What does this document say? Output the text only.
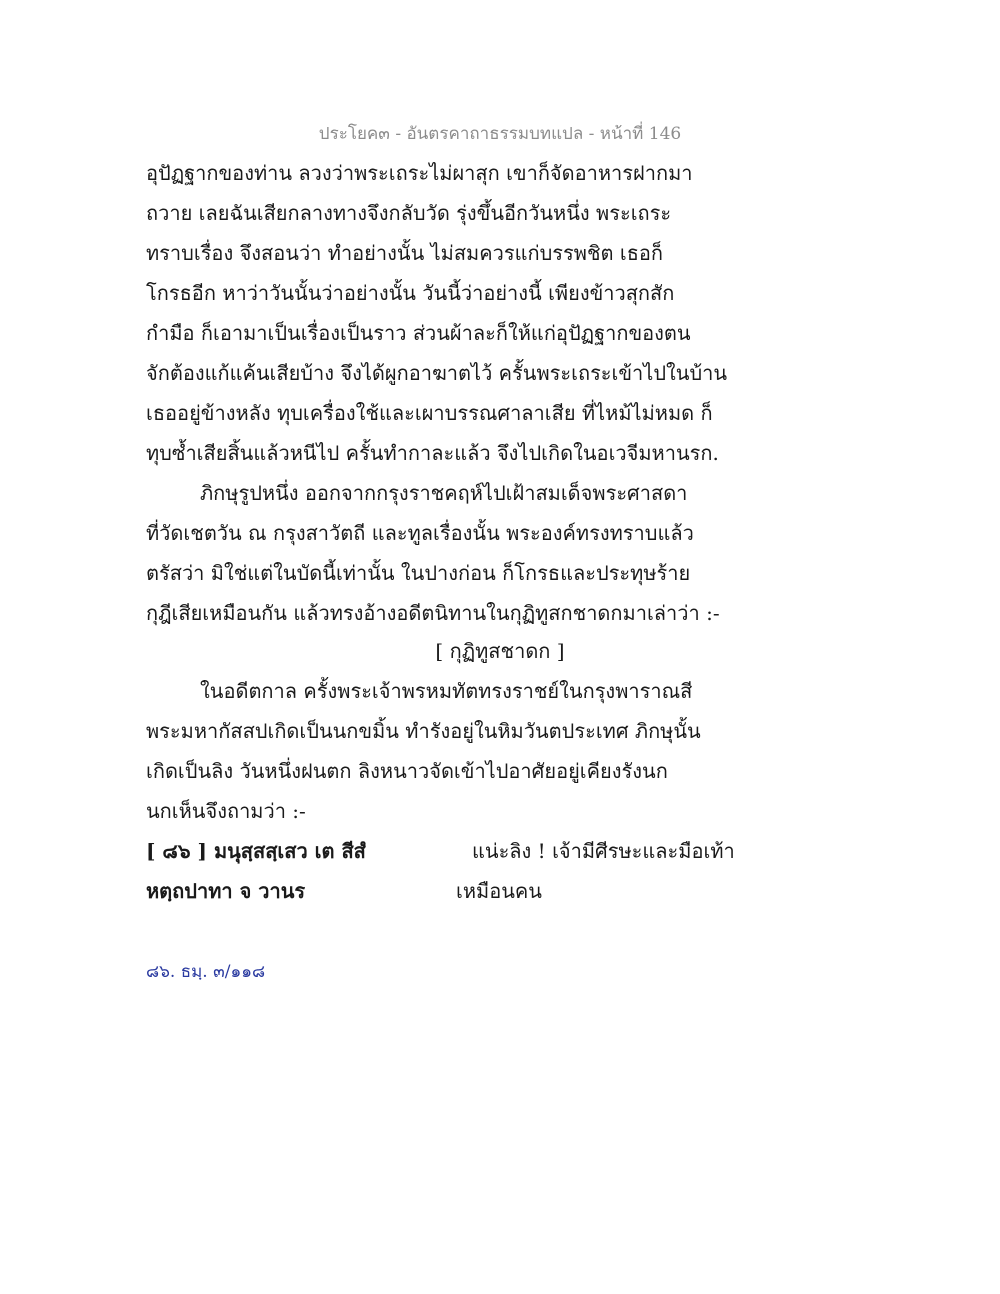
ประโยค๓ - อันตรคาถาธรรมบทแปล - หน้าที่ 146
อุปัฏฐากของท่าน ลวงว่าพระเถระไม่ผาสุก เขาก็จัดอาหารฝากมา
ถวาย เลยฉันเสียกลางทางจึงกลับวัด รุ่งขึ้นอีกวันหนึ่ง พระเถระ
ทราบเรื่อง จึงสอนว่า ทำอย่างนั้น ไม่สมควรแก่บรรพชิต เธอก็
โกรธอีก หาว่าวันนั้นว่าอย่างนั้น วันนี้ว่าอย่างนี้ เพียงข้าวสุกสัก
กำมือ ก็เอามาเป็นเรื่องเป็นราว ส่วนผ้าละก็ให้แก่อุปัฏฐากของตน
จักต้องแก้แค้นเสียบ้าง จึงได้ผูกอาฆาตไว้ ครั้นพระเถระเข้าไปในบ้าน
เธออยู่ข้างหลัง ทุบเครื่องใช้และเผาบรรณศาลาเสีย ที่ไหม้ไม่หมด ก็
ทุบซ้ำเสียสิ้นแล้วหนีไป ครั้นทำกาละแล้ว จึงไปเกิดในอเวจีมหานรก.
ภิกษุรูปหนึ่ง ออกจากกรุงราชคฤห์ไปเฝ้าสมเด็จพระศาสดา
ที่วัดเชตวัน ณ กรุงสาวัตถี และทูลเรื่องนั้น พระองค์ทรงทราบแล้ว
ตรัสว่า มิใช่แต่ในบัดนี้เท่านั้น ในปางก่อน ก็โกรธและประทุษร้าย
กุฎีเสียเหมือนกัน แล้วทรงอ้างอดีตนิทานในกุฏิทูสกชาดกมาเล่าว่า :-
[ กุฏิทูสชาดก ]
ในอดีตกาล ครั้งพระเจ้าพรหมทัตทรงราชย์ในกรุงพาราณสี
พระมหากัสสปเกิดเป็นนกขมิ้น ทำรังอยู่ในหิมวันตประเทศ ภิกษุนั้น
เกิดเป็นลิง วันหนึ่งฝนตก ลิงหนาวจัดเข้าไปอาศัยอยู่เคียงรังนก
นกเห็นจึงถามว่า :-
[ ๘๖ ] มนุสฺสสฺเสว เต สีสํ	แน่ะลิง ! เจ้ามีศีรษะและมือเท้า
หตฺถปาทา จ วานร	เหมือนคน
๘๖. ธมฺ. ๓/๑๑๘
